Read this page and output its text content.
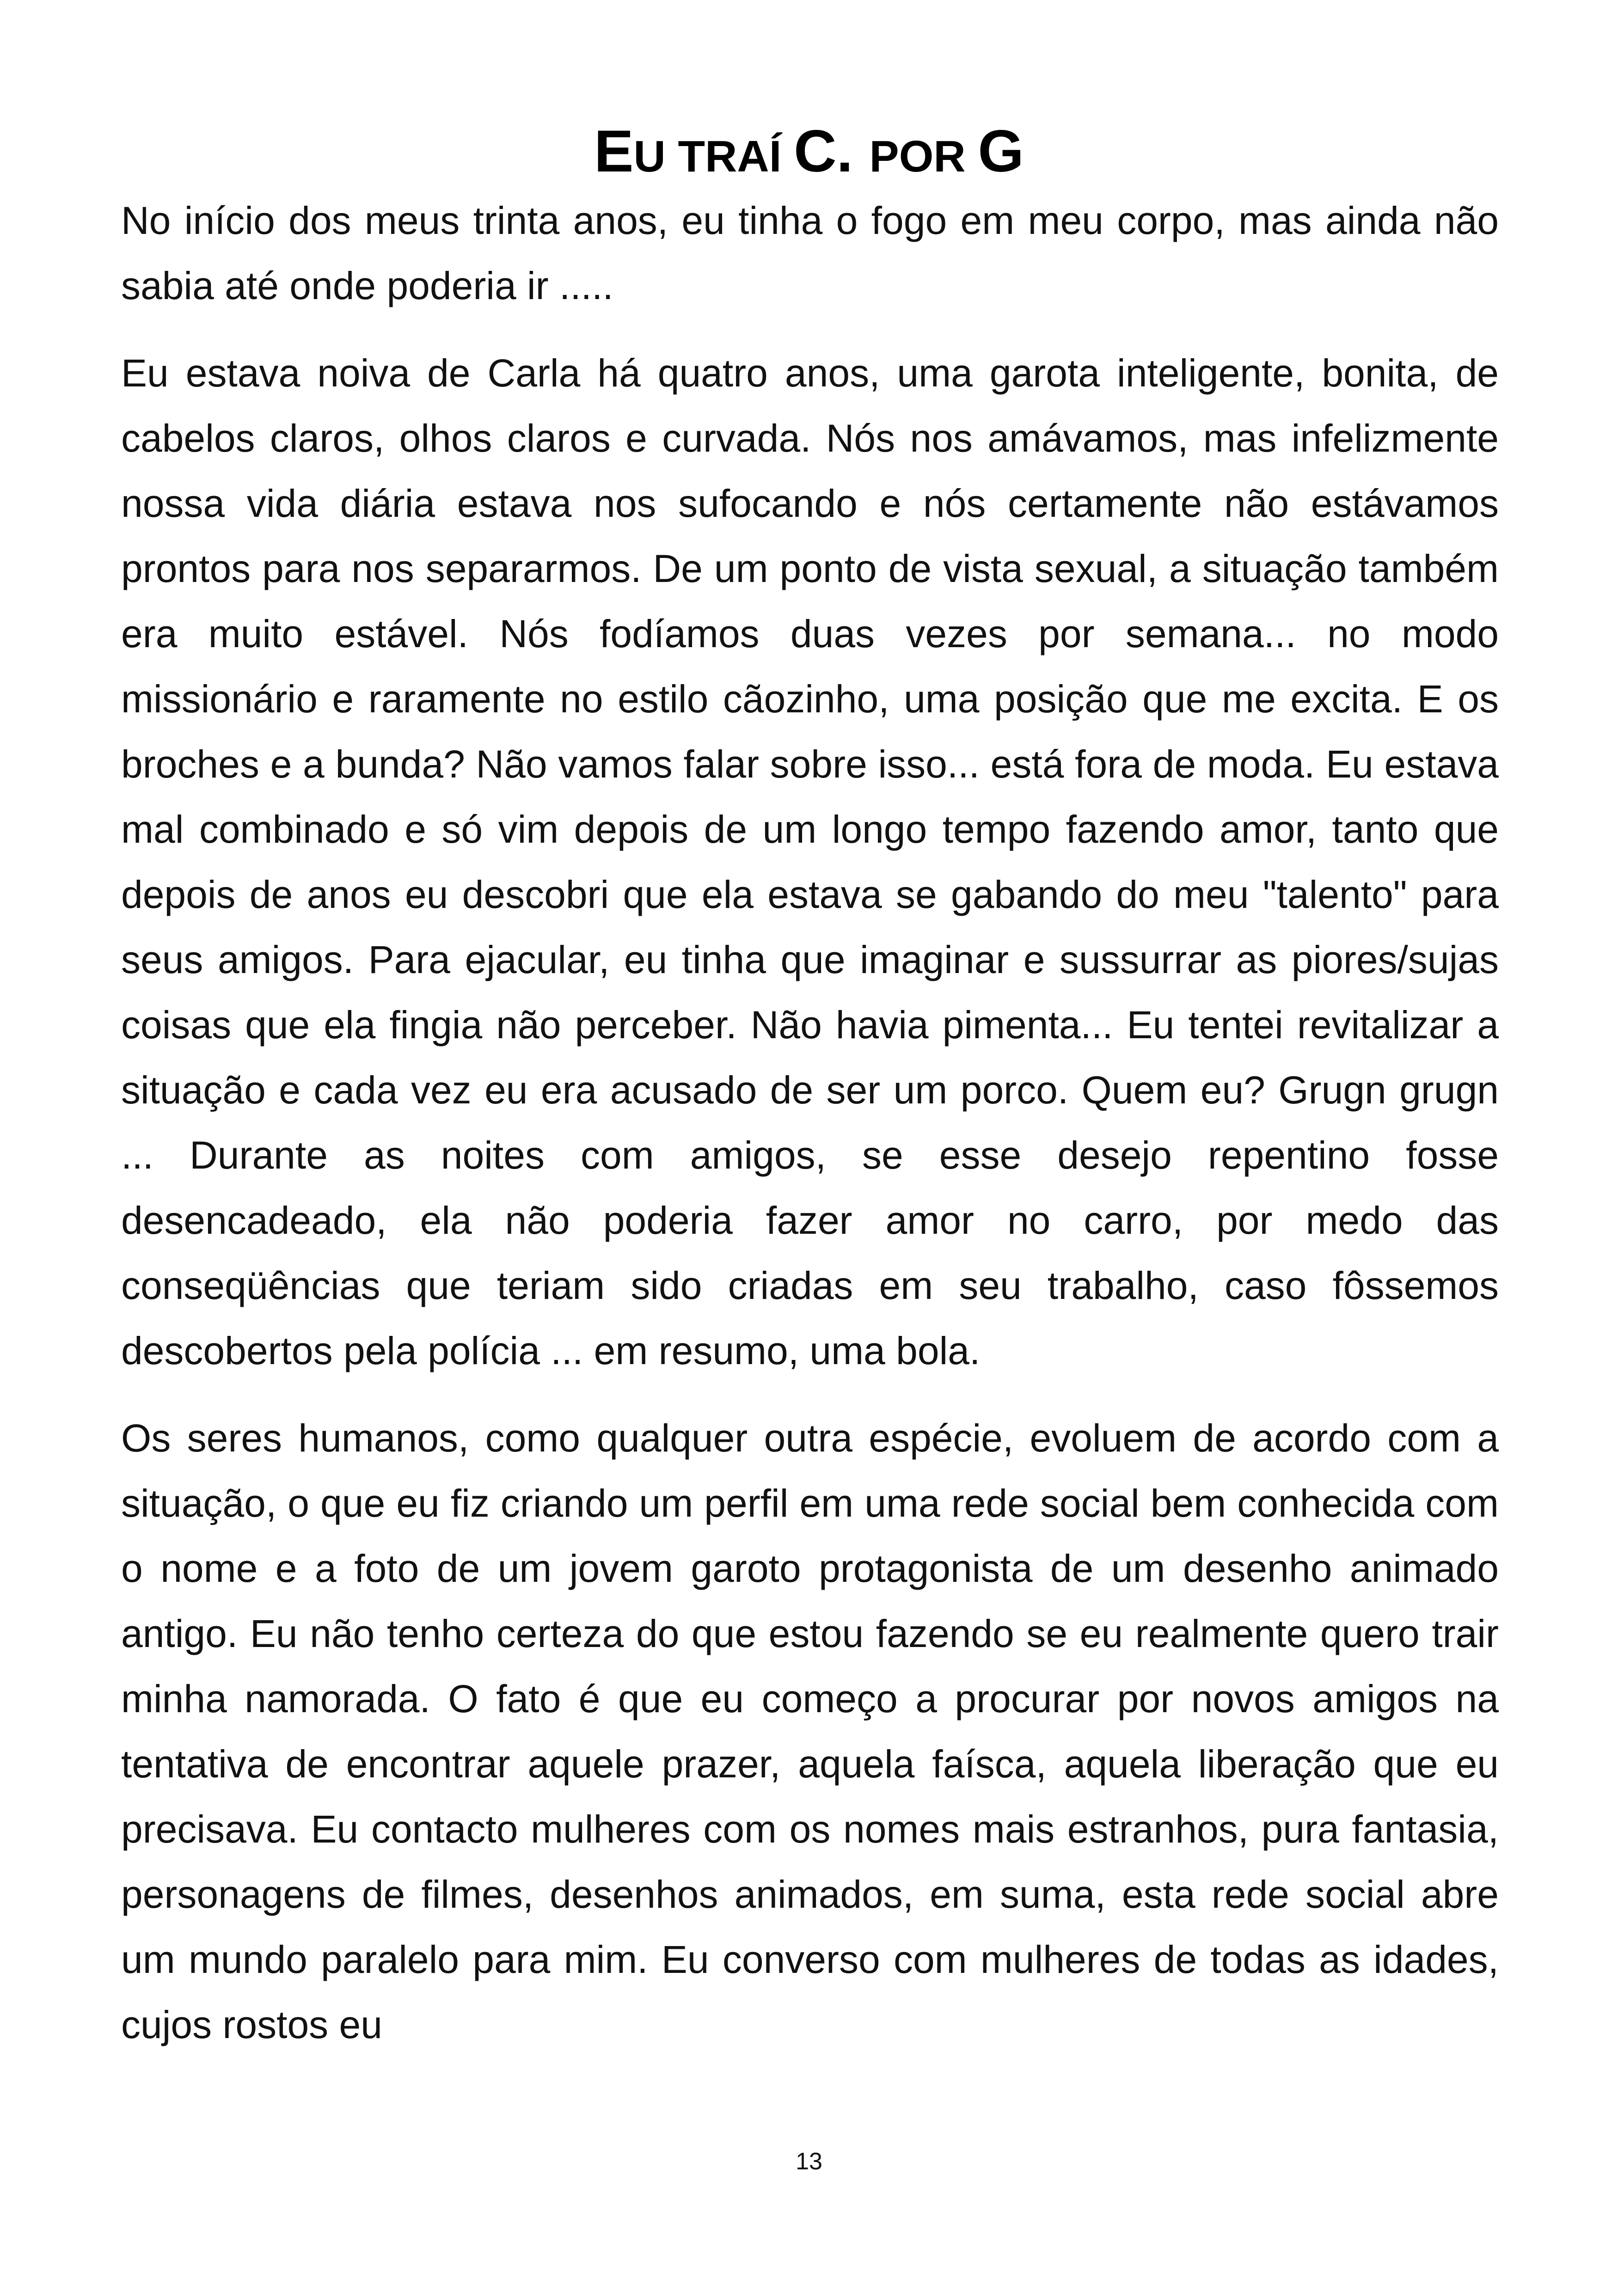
EU TRAÍ C. POR G

No início dos meus trinta anos, eu tinha o fogo em meu corpo, mas ainda não sabia até onde poderia ir .....

Eu estava noiva de Carla há quatro anos, uma garota inteligente, bonita, de cabelos claros, olhos claros e curvada. Nós nos amávamos, mas infelizmente nossa vida diária estava nos sufocando e nós certamente não estávamos prontos para nos separarmos. De um ponto de vista sexual, a situação também era muito estável. Nós fodíamos duas vezes por semana... no modo missionário e raramente no estilo cãozinho, uma posição que me excita. E os broches e a bunda? Não vamos falar sobre isso... está fora de moda. Eu estava mal combinado e só vim depois de um longo tempo fazendo amor, tanto que depois de anos eu descobri que ela estava se gabando do meu "talento" para seus amigos. Para ejacular, eu tinha que imaginar e sussurrar as piores/sujas coisas que ela fingia não perceber. Não havia pimenta... Eu tentei revitalizar a situação e cada vez eu era acusado de ser um porco. Quem eu? Grugn grugn ... Durante as noites com amigos, se esse desejo repentino fosse desencadeado, ela não poderia fazer amor no carro, por medo das conseqüências que teriam sido criadas em seu trabalho, caso fôssemos descobertos pela polícia ... em resumo, uma bola.

Os seres humanos, como qualquer outra espécie, evoluem de acordo com a situação, o que eu fiz criando um perfil em uma rede social bem conhecida com o nome e a foto de um jovem garoto protagonista de um desenho animado antigo. Eu não tenho certeza do que estou fazendo se eu realmente quero trair minha namorada. O fato é que eu começo a procurar por novos amigos na tentativa de encontrar aquele prazer, aquela faísca, aquela liberação que eu precisava. Eu contacto mulheres com os nomes mais estranhos, pura fantasia, personagens de filmes, desenhos animados, em suma, esta rede social abre um mundo paralelo para mim. Eu converso com mulheres de todas as idades, cujos rostos eu

13
